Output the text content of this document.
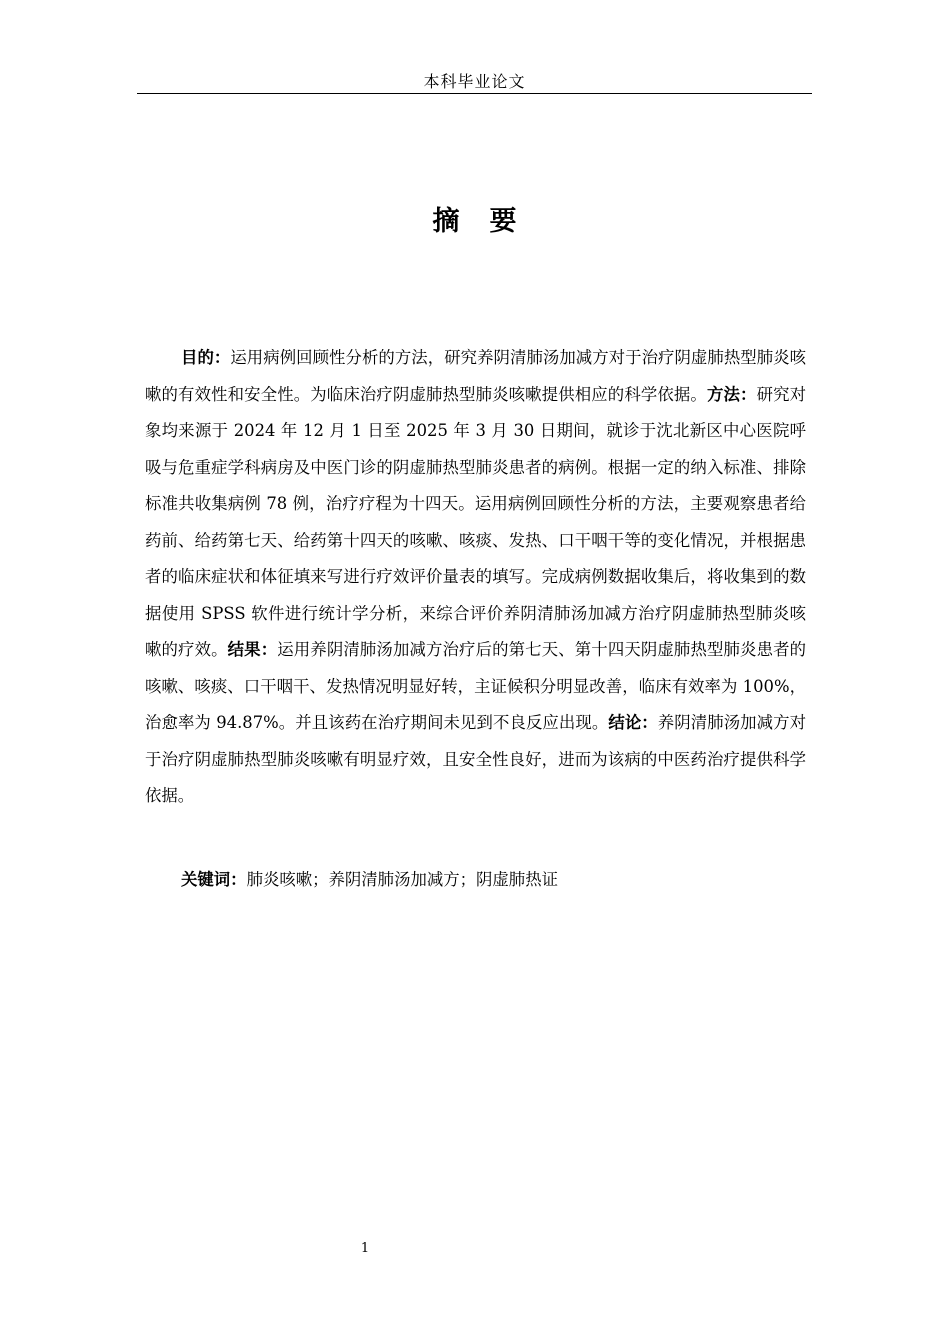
本科毕业论文
摘 要

目的：运用病例回顾性分析的方法，研究养阴清肺汤加减方对于治疗阴虚肺热型肺炎咳嗽的有效性和安全性。为临床治疗阴虚肺热型肺炎咳嗽提供相应的科学依据。方法：研究对象均来源于 2024 年 12 月 1 日至 2025 年 3 月 30 日期间，就诊于沈北新区中心医院呼吸与危重症学科病房及中医门诊的阴虚肺热型肺炎患者的病例。根据一定的纳入标准、排除标准共收集病例 78 例，治疗疗程为十四天。运用病例回顾性分析的方法，主要观察患者给药前、给药第七天、给药第十四天的咳嗽、咳痰、发热、口干咽干等的变化情况，并根据患者的临床症状和体征填来写进行疗效评价量表的填写。完成病例数据收集后，将收集到的数据使用 SPSS 软件进行统计学分析，来综合评价养阴清肺汤加减方治疗阴虚肺热型肺炎咳嗽的疗效。结果：运用养阴清肺汤加减方治疗后的第七天、第十四天阴虚肺热型肺炎患者的咳嗽、咳痰、口干咽干、发热情况明显好转，主证候积分明显改善，临床有效率为 100%，治愈率为 94.87%。并且该药在治疗期间未见到不良反应出现。结论：养阴清肺汤加减方对于治疗阴虚肺热型肺炎咳嗽有明显疗效，且安全性良好，进而为该病的中医药治疗提供科学依据。

关键词：肺炎咳嗽；养阴清肺汤加减方；阴虚肺热证

1
